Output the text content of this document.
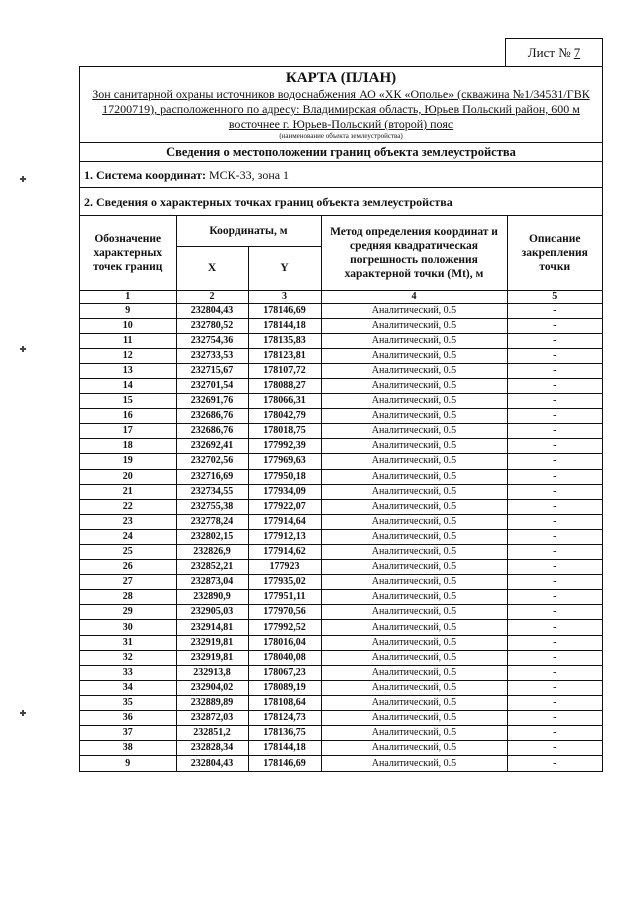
Лист № 7
КАРТА (ПЛАН)
Зон санитарной охраны источников водоснабжения АО «ХК «Ополье» (скважина №1/34531/ГВК 17200719), расположенного по адресу: Владимирская область, Юрьев Польский район, 600 м восточнее г. Юрьев-Польский (второй) пояс
(наименование объекта землеустройства)
Сведения о местоположении границ объекта землеустройства
1. Система координат: МСК-33, зона 1
2. Сведения о характерных точках границ объекта землеустройства
Обозначение характерных точек границ	Координаты, м		Метод определения координат и средняя квадратическая погрешность положения характерной точки (Mt), м	Описание закрепления точки
	X	Y		
1	2	3	4	5
9	232804,43	178146,69	Аналитический, 0.5	-
10	232780,52	178144,18	Аналитический, 0.5	-
11	232754,36	178135,83	Аналитический, 0.5	-
12	232733,53	178123,81	Аналитический, 0.5	-
13	232715,67	178107,72	Аналитический, 0.5	-
14	232701,54	178088,27	Аналитический, 0.5	-
15	232691,76	178066,31	Аналитический, 0.5	-
16	232686,76	178042,79	Аналитический, 0.5	-
17	232686,76	178018,75	Аналитический, 0.5	-
18	232692,41	177992,39	Аналитический, 0.5	-
19	232702,56	177969,63	Аналитический, 0.5	-
20	232716,69	177950,18	Аналитический, 0.5	-
21	232734,55	177934,09	Аналитический, 0.5	-
22	232755,38	177922,07	Аналитический, 0.5	-
23	232778,24	177914,64	Аналитический, 0.5	-
24	232802,15	177912,13	Аналитический, 0.5	-
25	232826,9	177914,62	Аналитический, 0.5	-
26	232852,21	177923	Аналитический, 0.5	-
27	232873,04	177935,02	Аналитический, 0.5	-
28	232890,9	177951,11	Аналитический, 0.5	-
29	232905,03	177970,56	Аналитический, 0.5	-
30	232914,81	177992,52	Аналитический, 0.5	-
31	232919,81	178016,04	Аналитический, 0.5	-
32	232919,81	178040,08	Аналитический, 0.5	-
33	232913,8	178067,23	Аналитический, 0.5	-
34	232904,02	178089,19	Аналитический, 0.5	-
35	232889,89	178108,64	Аналитический, 0.5	-
36	232872,03	178124,73	Аналитический, 0.5	-
37	232851,2	178136,75	Аналитический, 0.5	-
38	232828,34	178144,18	Аналитический, 0.5	-
9	232804,43	178146,69	Аналитический, 0.5	-
